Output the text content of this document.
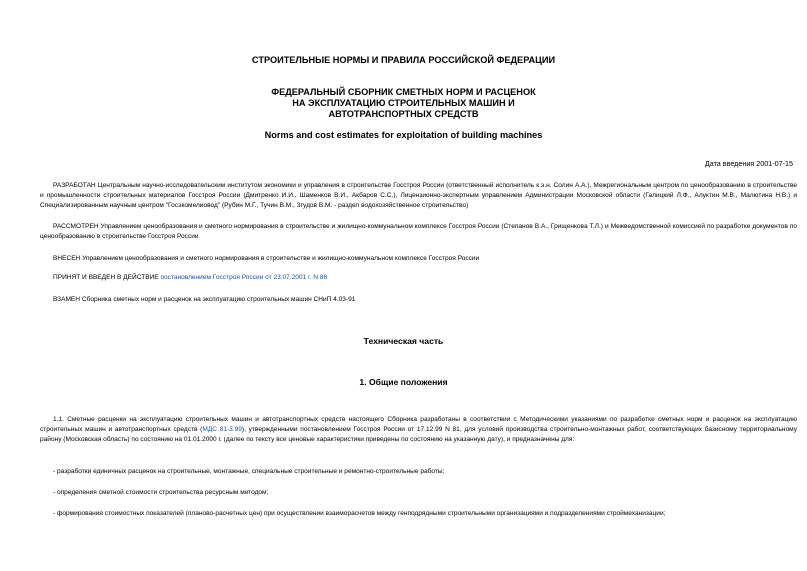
СТРОИТЕЛЬНЫЕ НОРМЫ И ПРАВИЛА РОССИЙСКОЙ ФЕДЕРАЦИИ
ФЕДЕРАЛЬНЫЙ СБОРНИК СМЕТНЫХ НОРМ И РАСЦЕНОК
НА ЭКСПЛУАТАЦИЮ СТРОИТЕЛЬНЫХ МАШИН И
АВТОТРАНСПОРТНЫХ СРЕДСТВ
Norms and cost estimates for exploitation of building machines
Дата введения 2001-07-15
РАЗРАБОТАН Центральным научно-исследовательским институтом экономики и управления в строительстве Госстроя России (ответственный исполнитель к.э.н. Солин А.А.), Межрегиональным центром по ценообразованию в строительстве и промышленности строительных материалов Госстроя России (Дмитренко И.И., Шаменков В.И., Акбаров С.С.), Лицензионно-экспертным управлением Администрации Московской области (Галицкий Л.Ф., Алуктин М.В., Малютина Н.В.) и Специализированным научным центром "Госэкомелиовод" (Рубин М.Г., Тучин В.М., Згудов В.М. - раздел водохозяйственное строительство)
РАССМОТРЕН Управлением ценообразования и сметного нормирования в строительстве и жилищно-коммунальном комплексе Госстроя России (Степанов В.А., Грищенкова Т.Л.) и Межведомственной комиссией по разработке документов по ценообразованию в строительстве Госстроя России
ВНЕСЕН Управлением ценообразования и сметного нормирования в строительстве и жилищно-коммунальном комплексе Госстроя России
ПРИНЯТ И ВВЕДЕН В ДЕЙСТВИЕ постановлением Госстроя России от 23.07.2001 г. N 86
ВЗАМЕН Сборника сметных норм и расценок на эксплуатацию строительных машин СНиП 4.03-91
Техническая часть
1. Общие положения
1.1. Сметные расценки на эксплуатацию строительных машин и автотранспортных средств настоящего Сборника разработаны в соответствии с Методическими указаниями по разработке сметных норм и расценок на эксплуатацию строительных машин и автотранспортных средств (МДС 81-3.99), утвержденными постановлением Госстроя России от 17.12.99 N 81, для условий производства строительно-монтажных работ, соответствующих базисному территориальному району (Московская область) по состоянию на 01.01.2000 г. (далее по тексту все ценовые характеристики приведены по состоянию на указанную дату), и предназначены для:
- разработки единичных расценок на строительные, монтажные, специальные строительные и ремонтно-строительные работы;
- определения сметной стоимости строительства ресурсным методом;
- формирования стоимостных показателей (планово-расчетных цен) при осуществлении взаиморасчетов между генподрядными строительными организациями и подразделениями строймеханизации;
